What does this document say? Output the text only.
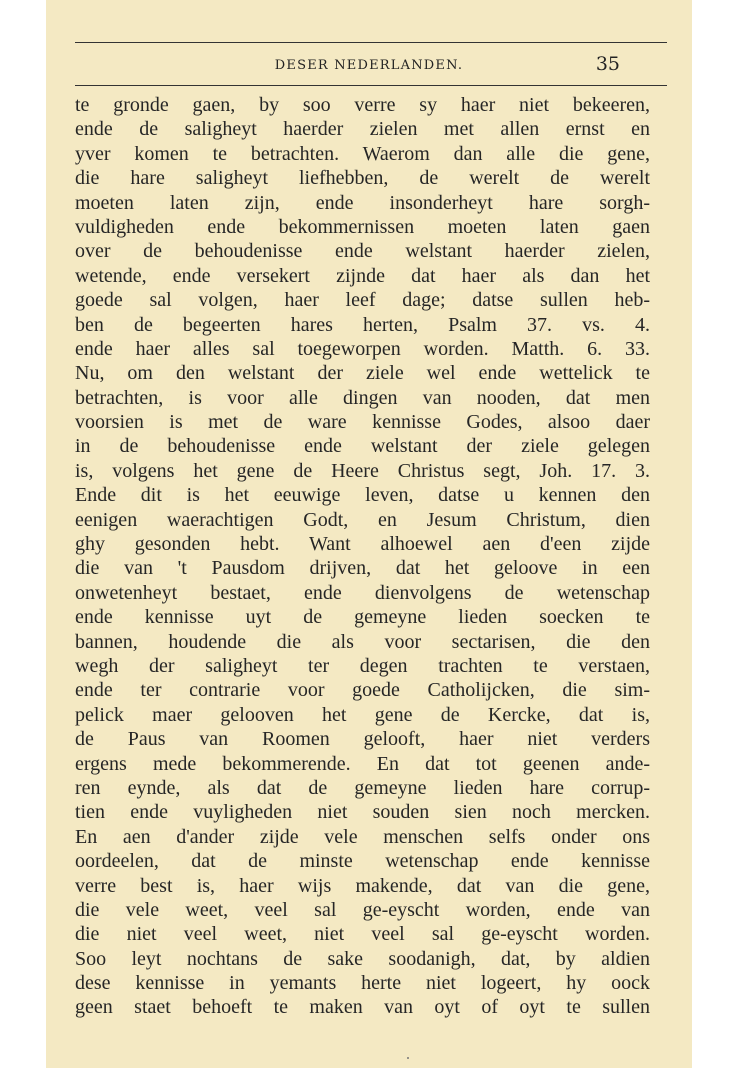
DESER NEDERLANDEN.	35
te gronde gaen, by soo verre sy haer niet bekeeren,
ende de saligheyt haerder zielen met allen ernst en
yver komen te betrachten. Waerom dan alle die gene,
die hare saligheyt liefhebben, de werelt de werelt
moeten laten zijn, ende insonderheyt hare sorgh-
vuldigheden ende bekommernissen moeten laten gaen
over de behoudenisse ende welstant haerder zielen,
wetende, ende versekert zijnde dat haer als dan het
goede sal volgen, haer leef dage; datse sullen heb-
ben de begeerten hares herten, Psalm 37. vs. 4.
ende haer alles sal toegeworpen worden. Matth. 6. 33.
Nu, om den welstant der ziele wel ende wettelick te
betrachten, is voor alle dingen van nooden, dat men
voorsien is met de ware kennisse Godes, alsoo daer
in de behoudenisse ende welstant der ziele gelegen
is, volgens het gene de Heere Christus segt, Joh. 17. 3.
Ende dit is het eeuwige leven, datse u kennen den
eenigen waerachtigen Godt, en Jesum Christum, dien
ghy gesonden hebt. Want alhoewel aen d'een zijde
die van 't Pausdom drijven, dat het geloove in een
onwetenheyt bestaet, ende dienvolgens de wetenschap
ende kennisse uyt de gemeyne lieden soecken te
bannen, houdende die als voor sectarisen, die den
wegh der saligheyt ter degen trachten te verstaen,
ende ter contrarie voor goede Catholijcken, die sim-
pelick maer gelooven het gene de Kercke, dat is,
de Paus van Roomen gelooft, haer niet verders
ergens mede bekommerende. En dat tot geenen ande-
ren eynde, als dat de gemeyne lieden hare corrup-
tien ende vuyligheden niet souden sien noch mercken.
En aen d'ander zijde vele menschen selfs onder ons
oordeelen, dat de minste wetenschap ende kennisse
verre best is, haer wijs makende, dat van die gene,
die vele weet, veel sal ge-eyscht worden, ende van
die niet veel weet, niet veel sal ge-eyscht worden.
Soo leyt nochtans de sake soodanigh, dat, by aldien
dese kennisse in yemants herte niet logeert, hy oock
geen staet behoeft te maken van oyt of oyt te sullen
